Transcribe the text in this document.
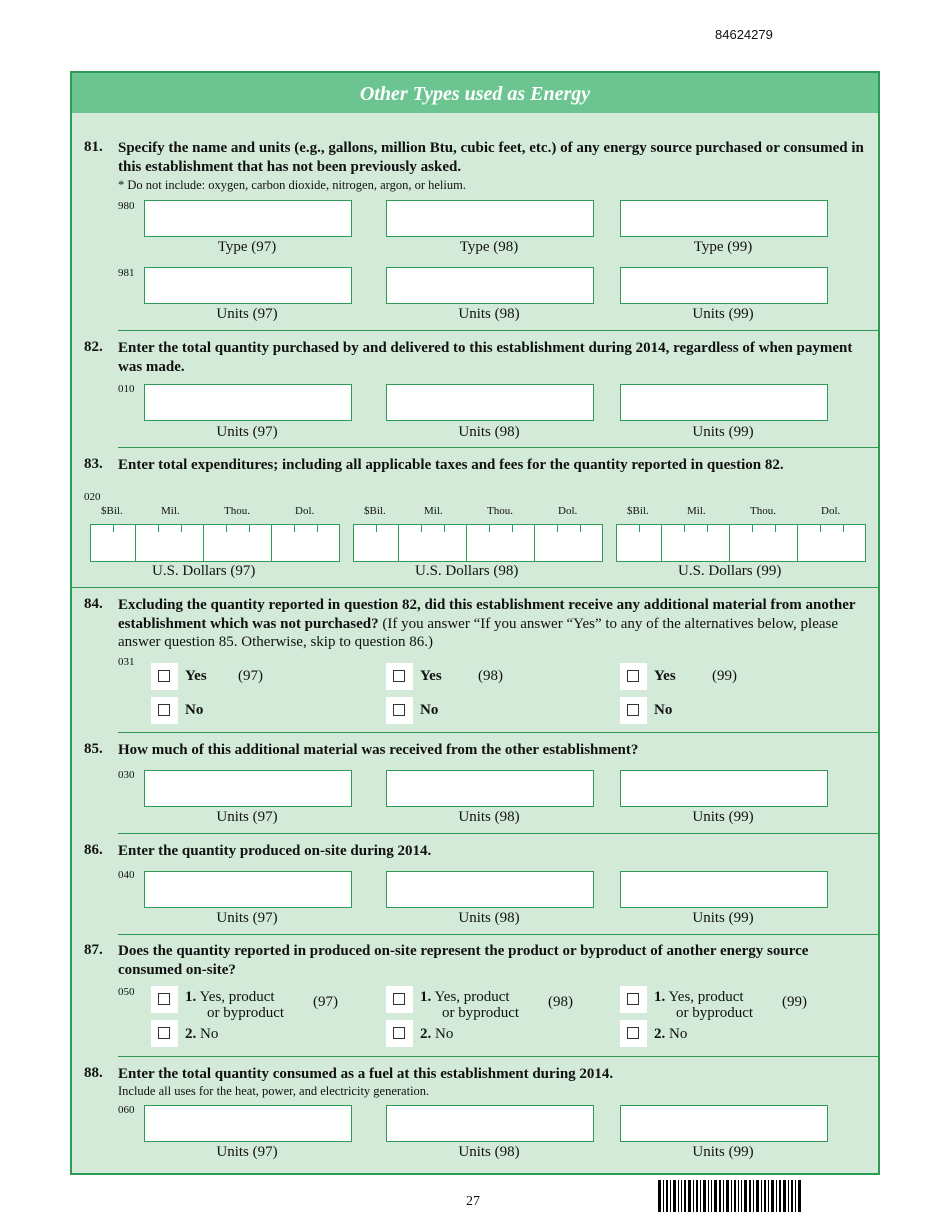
84624279
Other Types used as Energy
81. Specify the name and units (e.g., gallons, million Btu, cubic feet, etc.) of any energy source purchased or consumed in this establishment that has not been previously asked.
* Do not include: oxygen, carbon dioxide, nitrogen, argon, or helium.
980
Type (97)	Type (98)	Type (99)
981
Units (97)	Units (98)	Units (99)
82. Enter the total quantity purchased by and delivered to this establishment during 2014, regardless of when payment was made.
010
Units (97)	Units (98)	Units (99)
83. Enter total expenditures; including all applicable taxes and fees for the quantity reported in question 82.
020
$Bil.	Mil.	Thou.	Dol.	$Bil.	Mil.	Thou.	Dol.	$Bil.	Mil.	Thou.	Dol.
U.S. Dollars (97)	U.S. Dollars (98)	U.S. Dollars (99)
84. Excluding the quantity reported in question 82, did this establishment receive any additional material from another establishment which was not purchased? (If you answer “If you answer “Yes” to any of the alternatives below, please answer question 85. Otherwise, skip to question 86.)
031
Yes (97)
No
Yes (98)
No
Yes (99)
No
85. How much of this additional material was received from the other establishment?
030
Units (97)	Units (98)	Units (99)
86. Enter the quantity produced on-site during 2014.
040
Units (97)	Units (98)	Units (99)
87. Does the quantity reported in produced on-site represent the product or byproduct of another energy source consumed on-site?
050	1. Yes, product
or byproduct
(97)
2. No
1. Yes, product
or byproduct
(98)
2. No
1. Yes, product
or byproduct
(99)
2. No
88. Enter the total quantity consumed as a fuel at this establishment during 2014.
Include all uses for the heat, power, and electricity generation.
060
Units (97)	Units (98)	Units (99)
27
